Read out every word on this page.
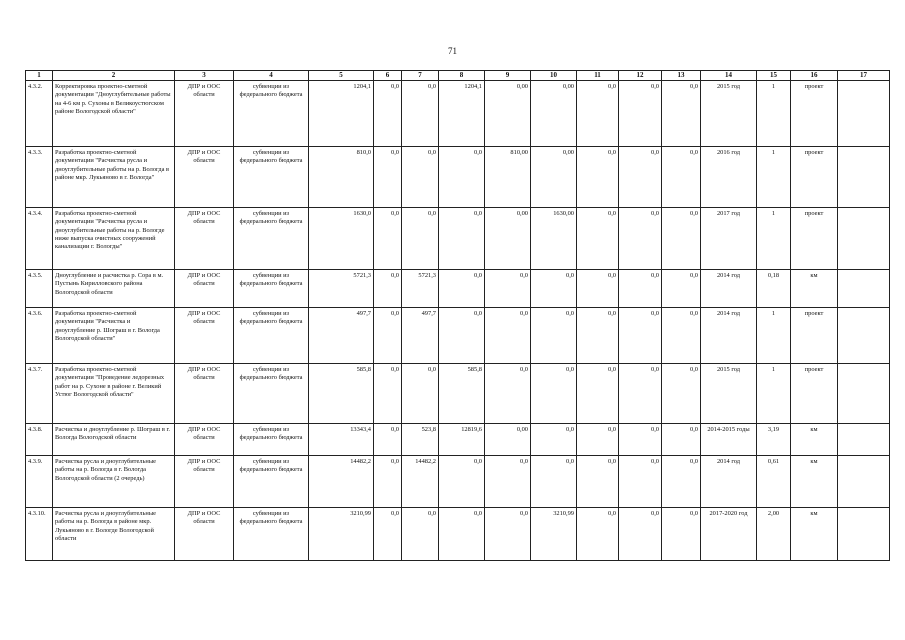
71
1	2	3	4	5	6	7	8	9	10	11	12	13	14	15	16	17
4.3.2.	Корректировка проектно-сметной документации "Дноуглубительные работы на 4-6 км р. Сухоны в Великоустюгском районе Вологодской области"	ДПР и ООС области	субвенции из федерального бюджета	1204,1	0,0	0,0	1204,1	0,00	0,00	0,0	0,0	0,0	2015 год	1	проект	
4.3.3.	Разработка проектно-сметной документации "Расчистка русла и дноуглубительные работы на р. Вологда в районе мкр. Лукьяново в г. Вологда"	ДПР и ООС области	субвенции из федерального бюджета	810,0	0,0	0,0	0,0	810,00	0,00	0,0	0,0	0,0	2016 год	1	проект	
4.3.4.	Разработка проектно-сметной документации "Расчистка русла и дноуглубительные работы на р. Вологде ниже выпуска очистных сооружений канализации г. Вологды"	ДПР и ООС области	субвенции из федерального бюджета	1630,0	0,0	0,0	0,0	0,00	1630,00	0,0	0,0	0,0	2017 год	1	проект	
4.3.5.	Дноуглубление и расчистка р. Сора в м. Пустынь Кирилловского района Вологодской области	ДПР и ООС области	субвенции из федерального бюджета	5721,3	0,0	5721,3	0,0	0,0	0,0	0,0	0,0	0,0	2014 год	0,18	км	
4.3.6.	Разработка проектно-сметной документации "Расчистка и дноуглубление р. Шограш в г. Вологда Вологодской области"	ДПР и ООС области	субвенции из федерального бюджета	497,7	0,0	497,7	0,0	0,0	0,0	0,0	0,0	0,0	2014 год	1	проект	
4.3.7.	Разработка проектно-сметной документации "Проведение ледорезных работ на р. Сухоне в районе г. Великий Устюг Вологодской области"	ДПР и ООС области	субвенции из федерального бюджета	585,8	0,0	0,0	585,8	0,0	0,0	0,0	0,0	0,0	2015 год	1	проект	
4.3.8.	Расчистка и дноуглубление р. Шограш в г. Вологда Вологодской области	ДПР и ООС области	субвенции из федерального бюджета	13343,4	0,0	523,8	12819,6	0,00	0,0	0,0	0,0	0,0	2014-2015 годы	3,19	км	
4.3.9.	Расчистка русла и дноуглубительные работы на р. Вологда в г. Вологда Вологодской области (2 очередь)	ДПР и ООС области	субвенции из федерального бюджета	14482,2	0,0	14482,2	0,0	0,0	0,0	0,0	0,0	0,0	2014 год	0,61	км	
4.3.10.	Расчистка русла и дноуглубительные работы на р. Вологда в районе мкр. Лукьяново в г. Вологде Вологодской области	ДПР и ООС области	субвенции из федерального бюджета	3210,99	0,0	0,0	0,0	0,0	3210,99	0,0	0,0	0,0	2017-2020 год	2,00	км	
